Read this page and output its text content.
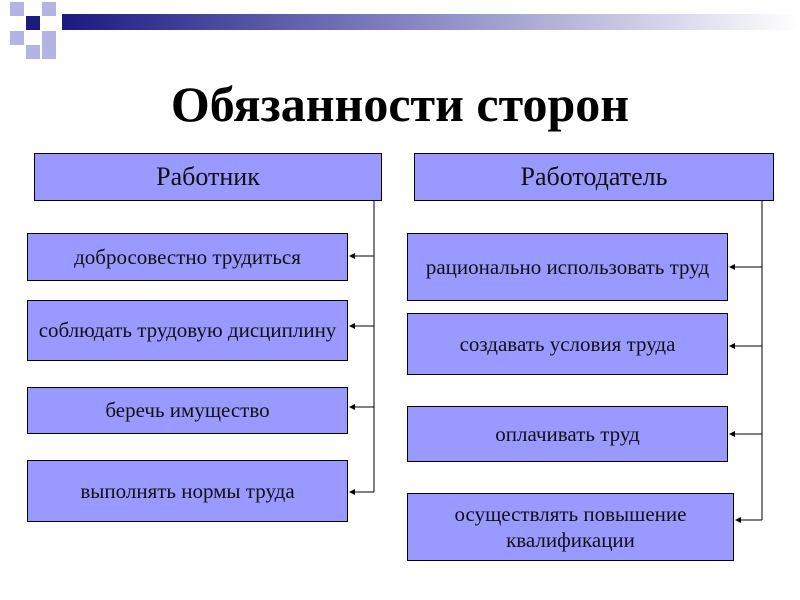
Обязанности сторон
Работник	Работодатель
добросовестно трудиться
соблюдать трудовую дисциплину
беречь имущество
выполнять нормы труда
рационально использовать труд
создавать условия труда
оплачивать труд
осуществлять повышение квалификации
